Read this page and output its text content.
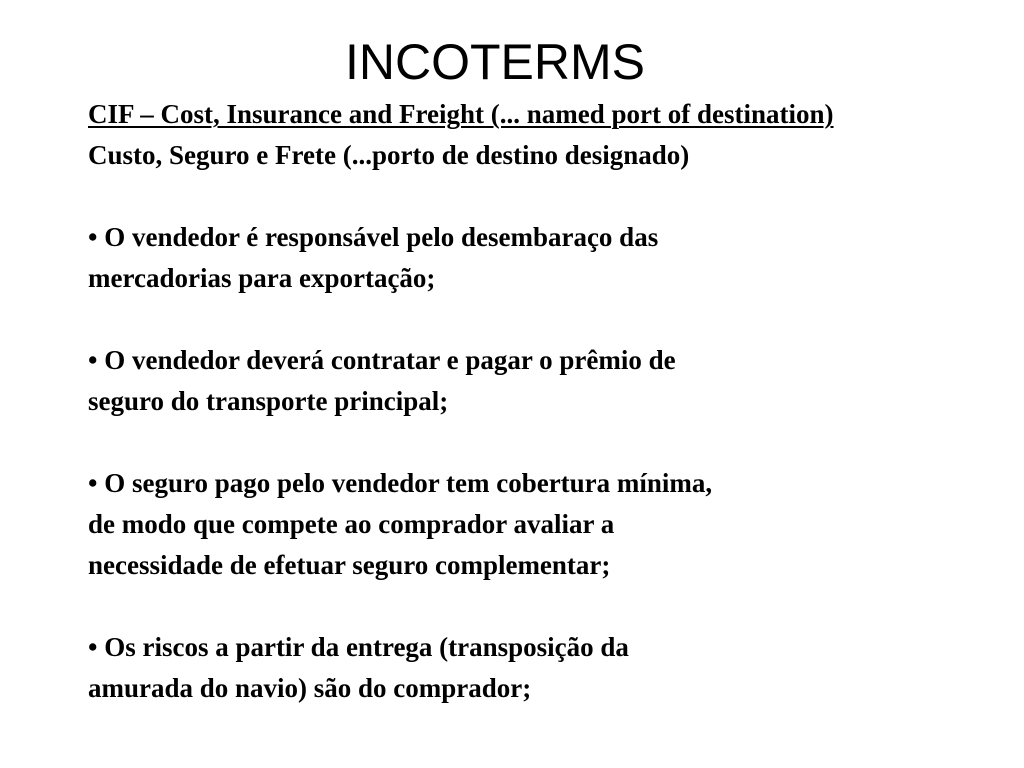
INCOTERMS

CIF – Cost, Insurance and Freight (... named port of destination)

Custo, Seguro e Frete (...porto de destino designado)

• O vendedor é responsável pelo desembaraço das
mercadorias para exportação;

• O vendedor deverá contratar e pagar o prêmio de
seguro do transporte principal;

• O seguro pago pelo vendedor tem cobertura mínima,
de modo que compete ao comprador avaliar a
necessidade de efetuar seguro complementar;

• Os riscos a partir da entrega (transposição da
amurada do navio) são do comprador;
